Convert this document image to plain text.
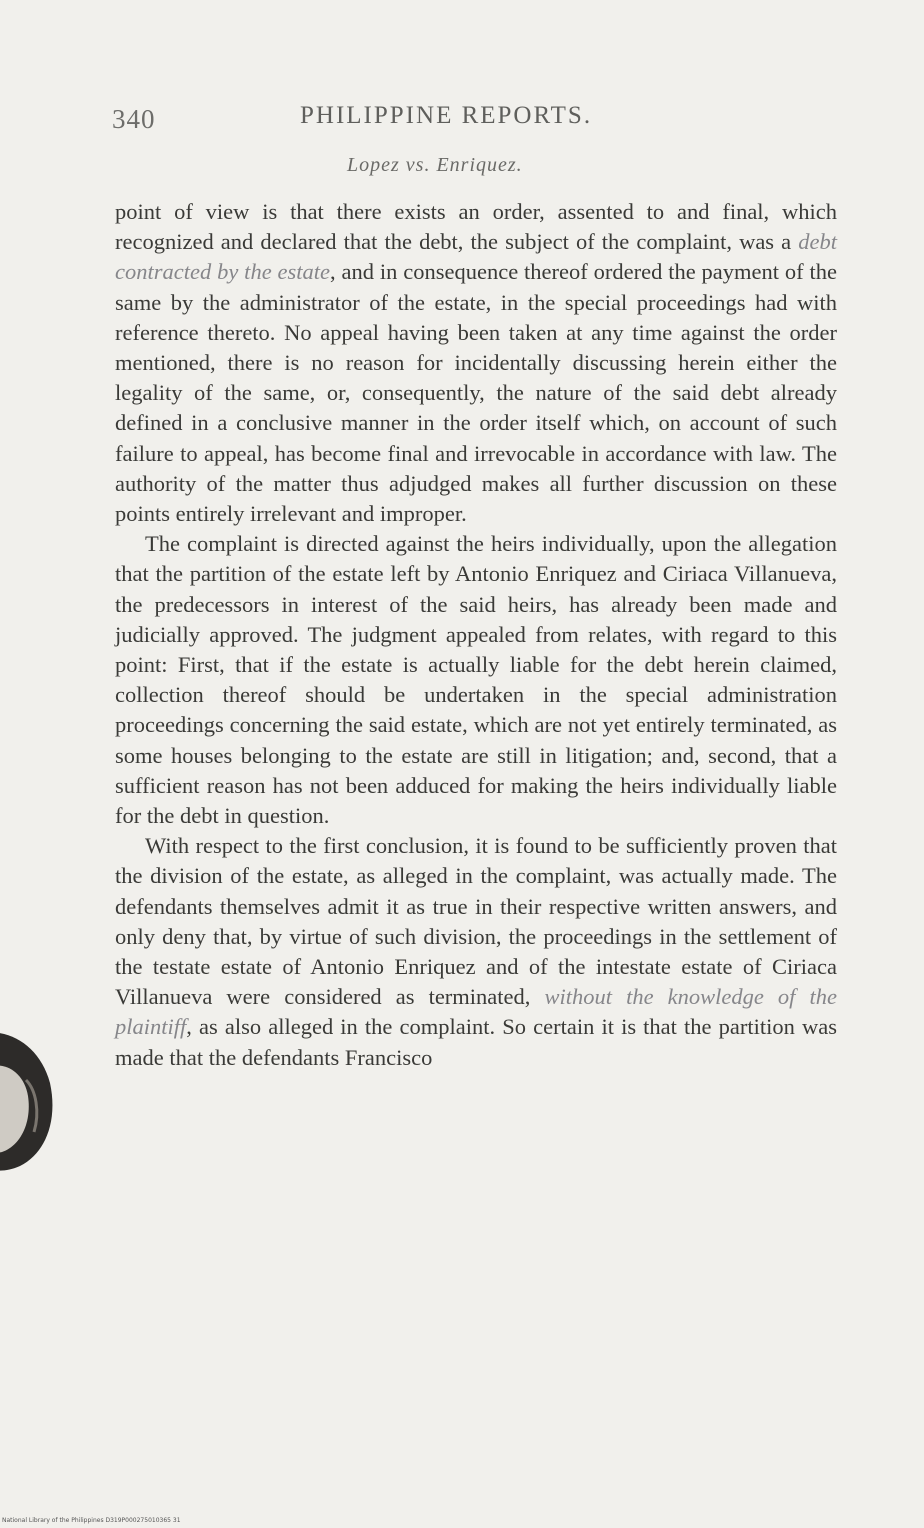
340	PHILIPPINE REPORTS.
Lopez vs. Enriquez.

point of view is that there exists an order, assented to and final, which recognized and declared that the debt, the subject of the complaint, was a debt contracted by the estate, and in consequence thereof ordered the payment of the same by the administrator of the estate, in the special proceedings had with reference thereto. No appeal having been taken at any time against the order mentioned, there is no reason for incidentally discussing herein either the legality of the same, or, consequently, the nature of the said debt already defined in a conclusive manner in the order itself which, on account of such failure to appeal, has become final and irrevocable in accordance with law. The authority of the matter thus adjudged makes all further discussion on these points entirely irrelevant and improper.

The complaint is directed against the heirs individually, upon the allegation that the partition of the estate left by Antonio Enriquez and Ciriaca Villanueva, the predecessors in interest of the said heirs, has already been made and judicially approved. The judgment appealed from relates, with regard to this point: First, that if the estate is actually liable for the debt herein claimed, collection thereof should be undertaken in the special administration proceedings concerning the said estate, which are not yet entirely terminated, as some houses belonging to the estate are still in litigation; and, second, that a sufficient reason has not been adduced for making the heirs individually liable for the debt in question.

With respect to the first conclusion, it is found to be sufficiently proven that the division of the estate, as alleged in the complaint, was actually made. The defendants themselves admit it as true in their respective written answers, and only deny that, by virtue of such division, the proceedings in the settlement of the testate estate of Antonio Enriquez and of the intestate estate of Ciriaca Villanueva were considered as terminated, without the knowledge of the plaintiff, as also alleged in the complaint. So certain it is that the partition was made that the defendants Francisco

National Library of the Philippines D319P000275010365 31
